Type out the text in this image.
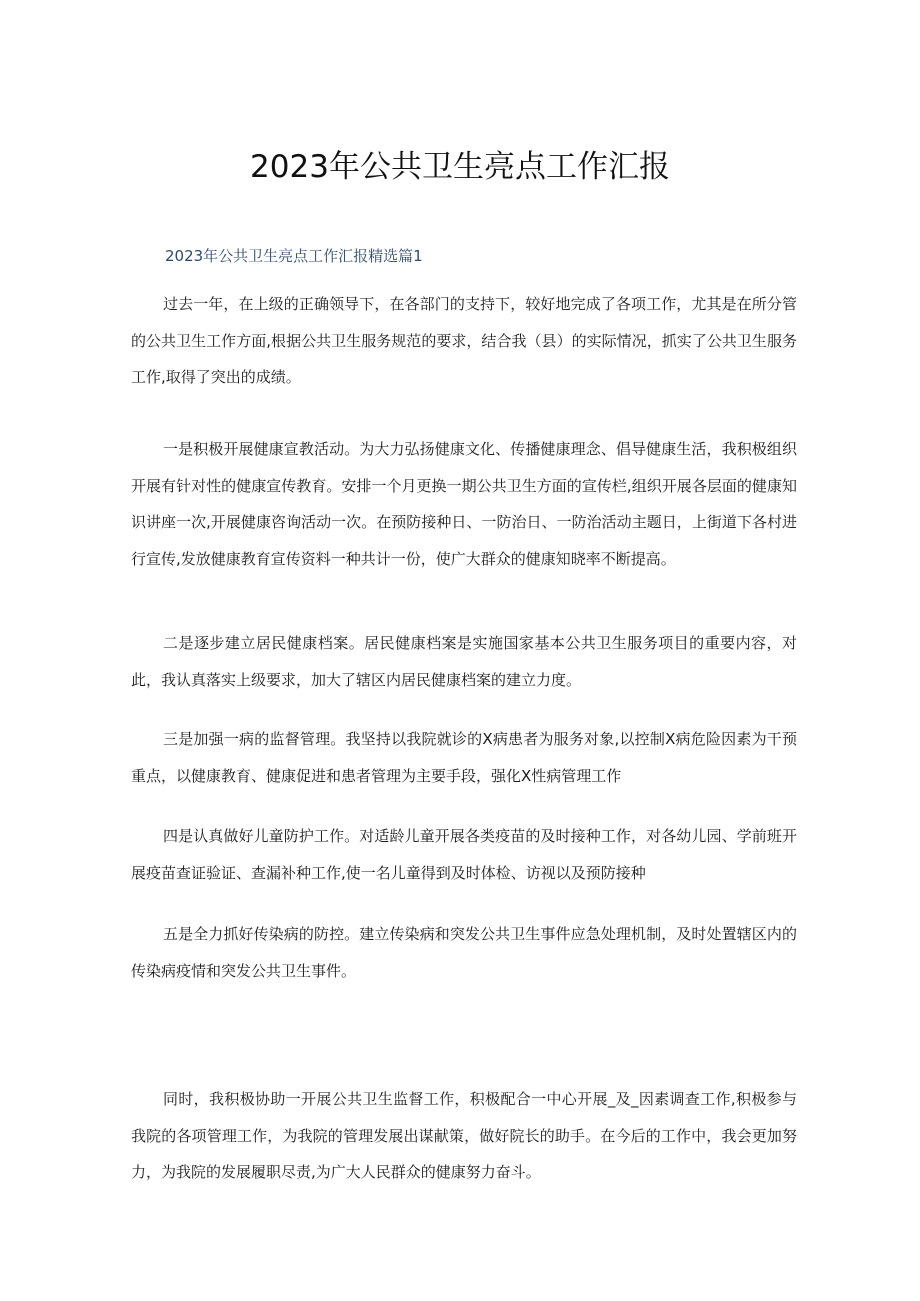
2023年公共卫生亮点工作汇报
2023年公共卫生亮点工作汇报精选篇1

过去一年，在上级的正确领导下，在各部门的支持下，较好地完成了各项工作，尤其是在所分管的公共卫生工作方面,根据公共卫生服务规范的要求，结合我（县）的实际情况，抓实了公共卫生服务工作,取得了突出的成绩。

一是积极开展健康宣教活动。为大力弘扬健康文化、传播健康理念、倡导健康生活，我积极组织开展有针对性的健康宣传教育。安排一个月更换一期公共卫生方面的宣传栏,组织开展各层面的健康知识讲座一次,开展健康咨询活动一次。在预防接种日、一防治日、一防治活动主题日，上街道下各村进行宣传,发放健康教育宣传资料一种共计一份，使广大群众的健康知晓率不断提高。

二是逐步建立居民健康档案。居民健康档案是实施国家基本公共卫生服务项目的重要内容，对此，我认真落实上级要求，加大了辖区内居民健康档案的建立力度。

三是加强一病的监督管理。我坚持以我院就诊的X病患者为服务对象,以控制X病危险因素为干预重点，以健康教育、健康促进和患者管理为主要手段，强化X性病管理工作

四是认真做好儿童防护工作。对适龄儿童开展各类疫苗的及时接种工作，对各幼儿园、学前班开展疫苗查证验证、查漏补种工作,使一名儿童得到及时体检、访视以及预防接种

五是全力抓好传染病的防控。建立传染病和突发公共卫生事件应急处理机制，及时处置辖区内的传染病疫情和突发公共卫生事件。

同时，我积极协助一开展公共卫生监督工作，积极配合一中心开展_及_因素调查工作,积极参与我院的各项管理工作，为我院的管理发展出谋献策，做好院长的助手。在今后的工作中，我会更加努力，为我院的发展履职尽责,为广大人民群众的健康努力奋斗。
